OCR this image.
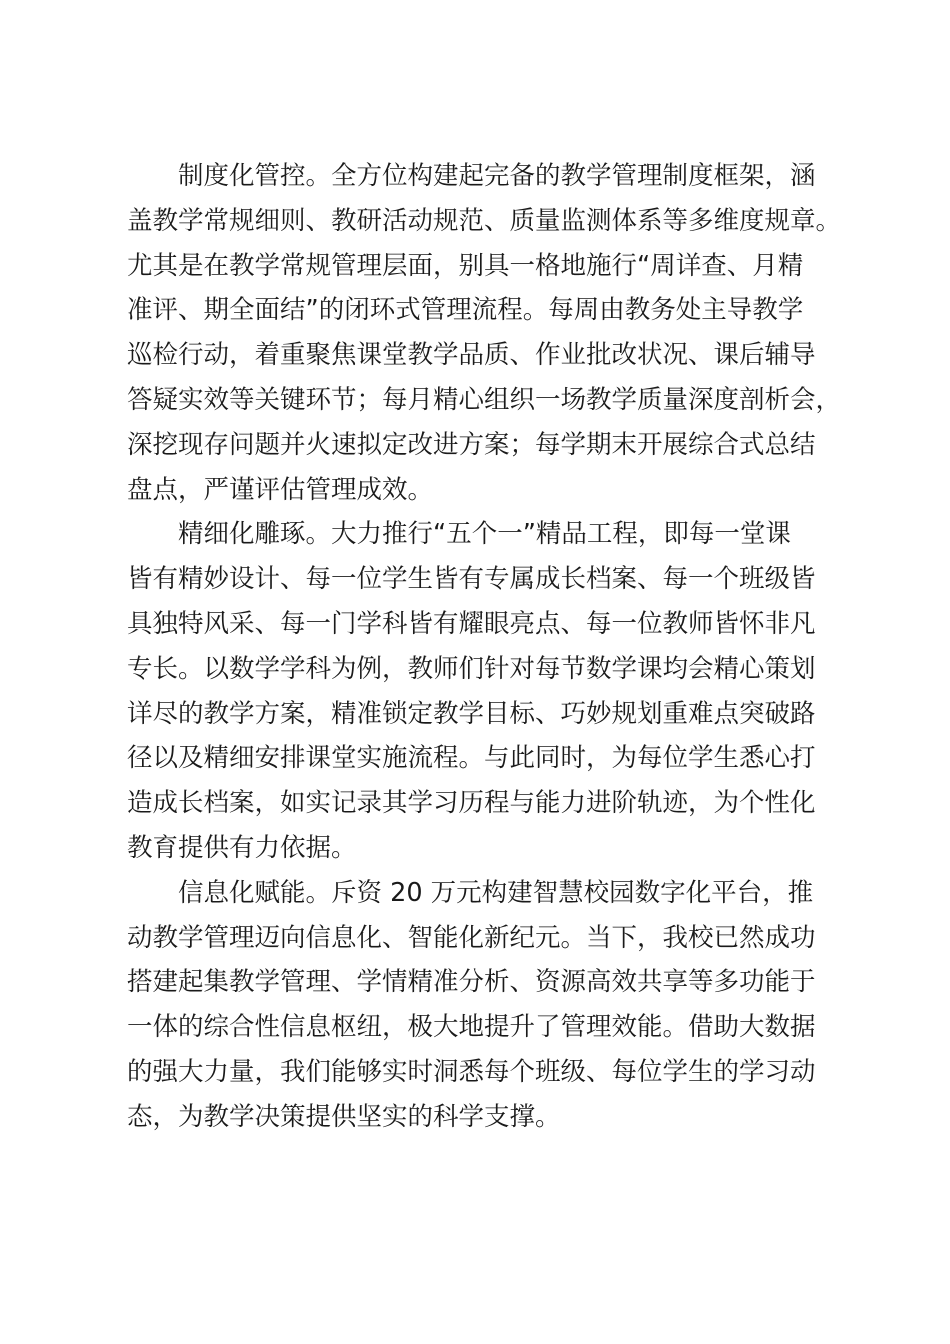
　　制度化管控。全方位构建起完备的教学管理制度框架，涵
盖教学常规细则、教研活动规范、质量监测体系等多维度规章。
尤其是在教学常规管理层面，别具一格地施行“周详查、月精
准评、期全面结”的闭环式管理流程。每周由教务处主导教学
巡检行动，着重聚焦课堂教学品质、作业批改状况、课后辅导
答疑实效等关键环节；每月精心组织一场教学质量深度剖析会，
深挖现存问题并火速拟定改进方案；每学期末开展综合式总结
盘点，严谨评估管理成效。
　　精细化雕琢。大力推行“五个一”精品工程，即每一堂课
皆有精妙设计、每一位学生皆有专属成长档案、每一个班级皆
具独特风采、每一门学科皆有耀眼亮点、每一位教师皆怀非凡
专长。以数学学科为例，教师们针对每节数学课均会精心策划
详尽的教学方案，精准锁定教学目标、巧妙规划重难点突破路
径以及精细安排课堂实施流程。与此同时，为每位学生悉心打
造成长档案，如实记录其学习历程与能力进阶轨迹，为个性化
教育提供有力依据。
　　信息化赋能。斥资 20 万元构建智慧校园数字化平台，推
动教学管理迈向信息化、智能化新纪元。当下，我校已然成功
搭建起集教学管理、学情精准分析、资源高效共享等多功能于
一体的综合性信息枢纽，极大地提升了管理效能。借助大数据
的强大力量，我们能够实时洞悉每个班级、每位学生的学习动
态，为教学决策提供坚实的科学支撑。
